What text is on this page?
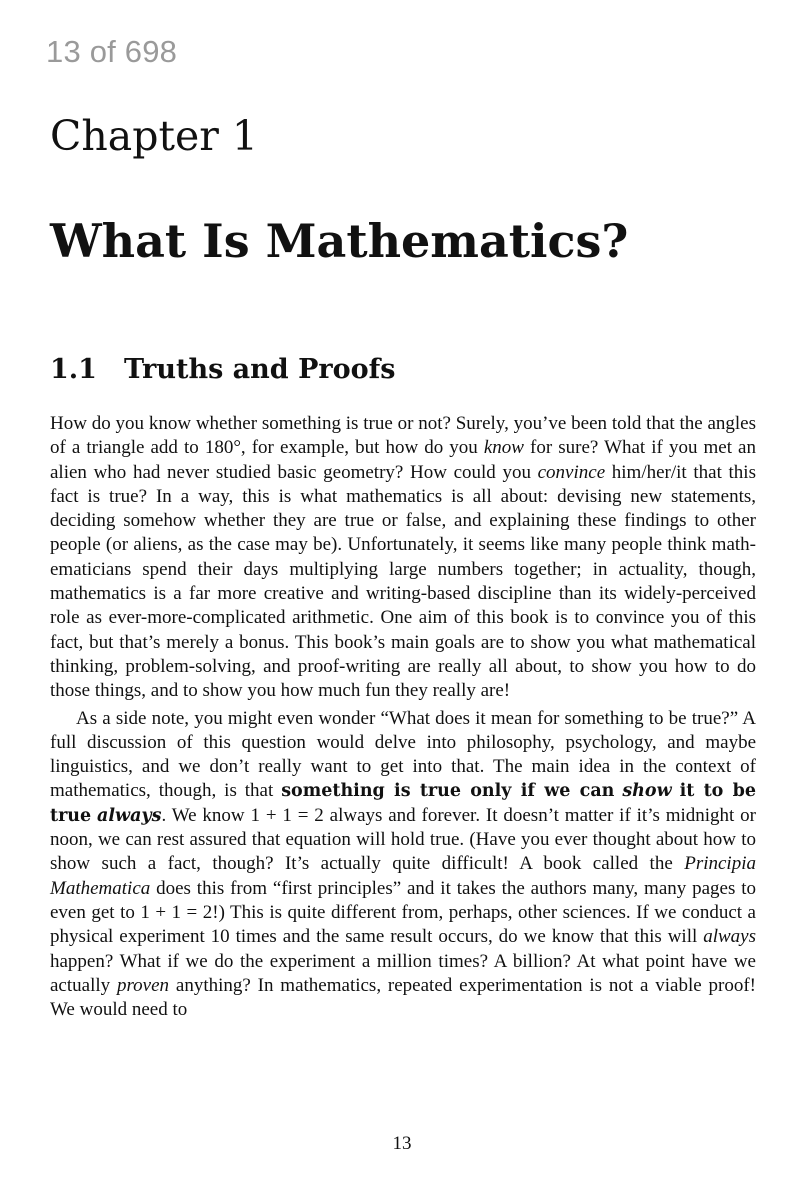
13 of 698
Chapter 1
What Is Mathematics?
1.1 Truths and Proofs

How do you know whether something is true or not? Surely, you’ve been told that the angles of a triangle add to 180°, for example, but how do you know for sure? What if you met an alien who had never studied basic geometry? How could you convince him/her/it that this fact is true? In a way, this is what mathematics is all about: devising new statements, deciding somehow whether they are true or false, and explaining these findings to other people (or aliens, as the case may be). Unfortunately, it seems like many people think mathematicians spend their days multiplying large numbers together; in actuality, though, mathematics is a far more creative and writing-based discipline than its widely-perceived role as ever-more-complicated arithmetic. One aim of this book is to convince you of this fact, but that’s merely a bonus. This book’s main goals are to show you what mathematical thinking, problem-solving, and proof-writing are really all about, to show you how to do those things, and to show you how much fun they really are!

As a side note, you might even wonder “What does it mean for something to be true?” A full discussion of this question would delve into philosophy, psychology, and maybe linguistics, and we don’t really want to get into that. The main idea in the context of mathematics, though, is that something is true only if we can show it to be true always. We know 1 + 1 = 2 always and forever. It doesn’t matter if it’s midnight or noon, we can rest assured that equation will hold true. (Have you ever thought about how to show such a fact, though? It’s actually quite difficult! A book called the Principia Mathematica does this from “first principles” and it takes the authors many, many pages to even get to 1 + 1 = 2!) This is quite different from, perhaps, other sciences. If we conduct a physical experiment 10 times and the same result occurs, do we know that this will always happen? What if we do the experiment a million times? A billion? At what point have we actually proven anything? In mathematics, repeated experimentation is not a viable proof! We would need to

13
